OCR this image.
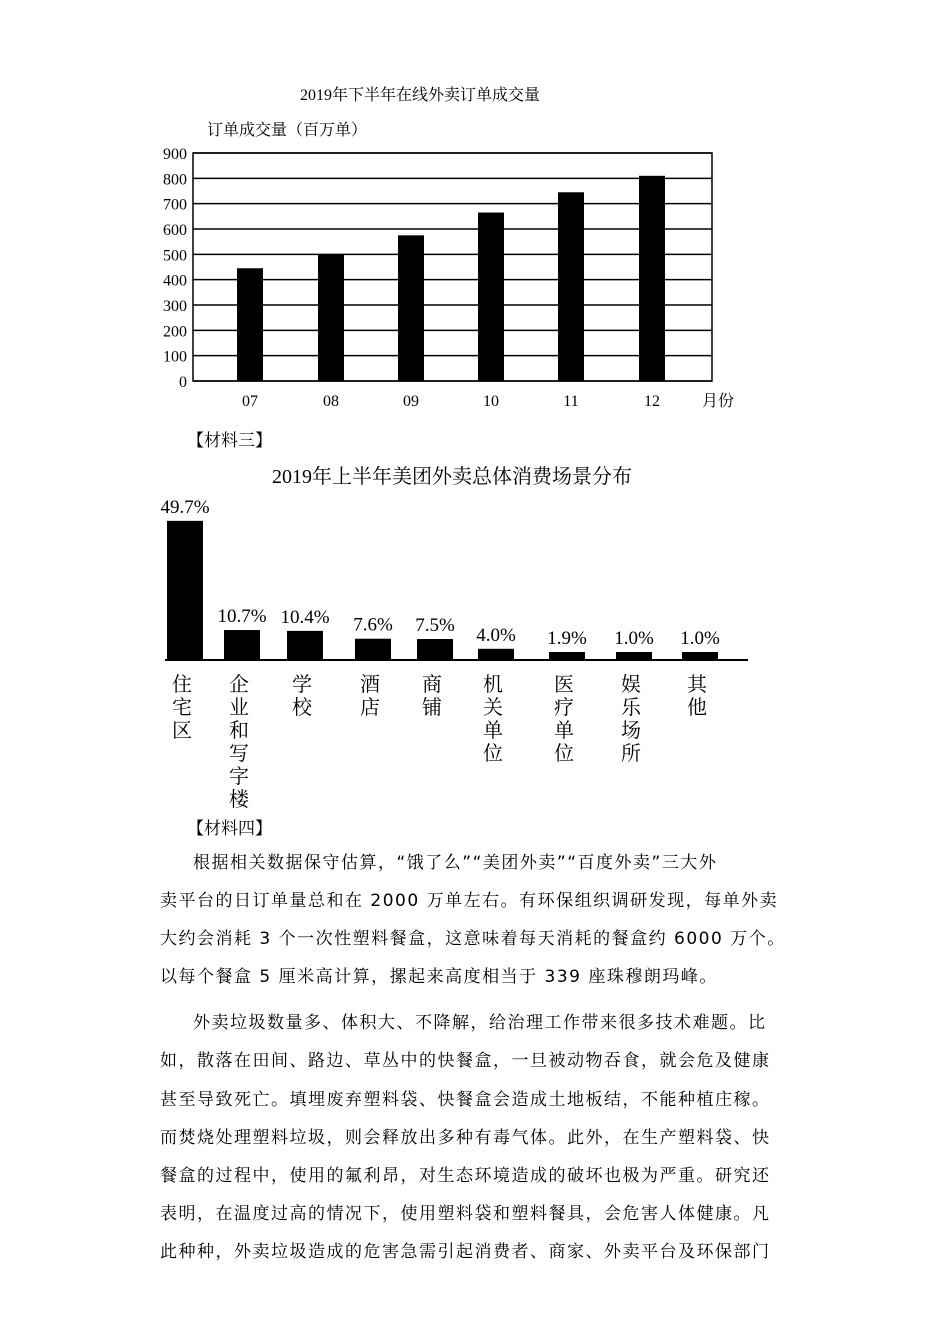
2019年下半年在线外卖订单成交量
订单成交量（百万单）
0
100
200
300
400
500
600
700
800
900
07	08	09	10	11	12	月份
【材料三】
2019年上半年美团外卖总体消费场景分布
49.7%
住
宅
区
10.7%
企
业
和
写
字
楼
10.4%
学
校
7.6%
酒
店
7.5%
商
铺
4.0%
机
关
单
位
1.9%
医
疗
单
位
1.0%
娱
乐
场
所
1.0%
其
他
【材料四】
根据相关数据保守估算，“饿了么”“美团外卖”“百度外卖”三大外
卖平台的日订单量总和在 2000 万单左右。有环保组织调研发现，每单外卖
大约会消耗 3 个一次性塑料餐盒，这意味着每天消耗的餐盒约 6000 万个。
以每个餐盒 5 厘米高计算，摞起来高度相当于 339 座珠穆朗玛峰。
外卖垃圾数量多、体积大、不降解，给治理工作带来很多技术难题。比
如，散落在田间、路边、草丛中的快餐盒，一旦被动物吞食，就会危及健康
甚至导致死亡。填埋废弃塑料袋、快餐盒会造成土地板结，不能种植庄稼。
而焚烧处理塑料垃圾，则会释放出多种有毒气体。此外，在生产塑料袋、快
餐盒的过程中，使用的氟利昂，对生态环境造成的破坏也极为严重。研究还
表明，在温度过高的情况下，使用塑料袋和塑料餐具，会危害人体健康。凡
此种种，外卖垃圾造成的危害急需引起消费者、商家、外卖平台及环保部门
